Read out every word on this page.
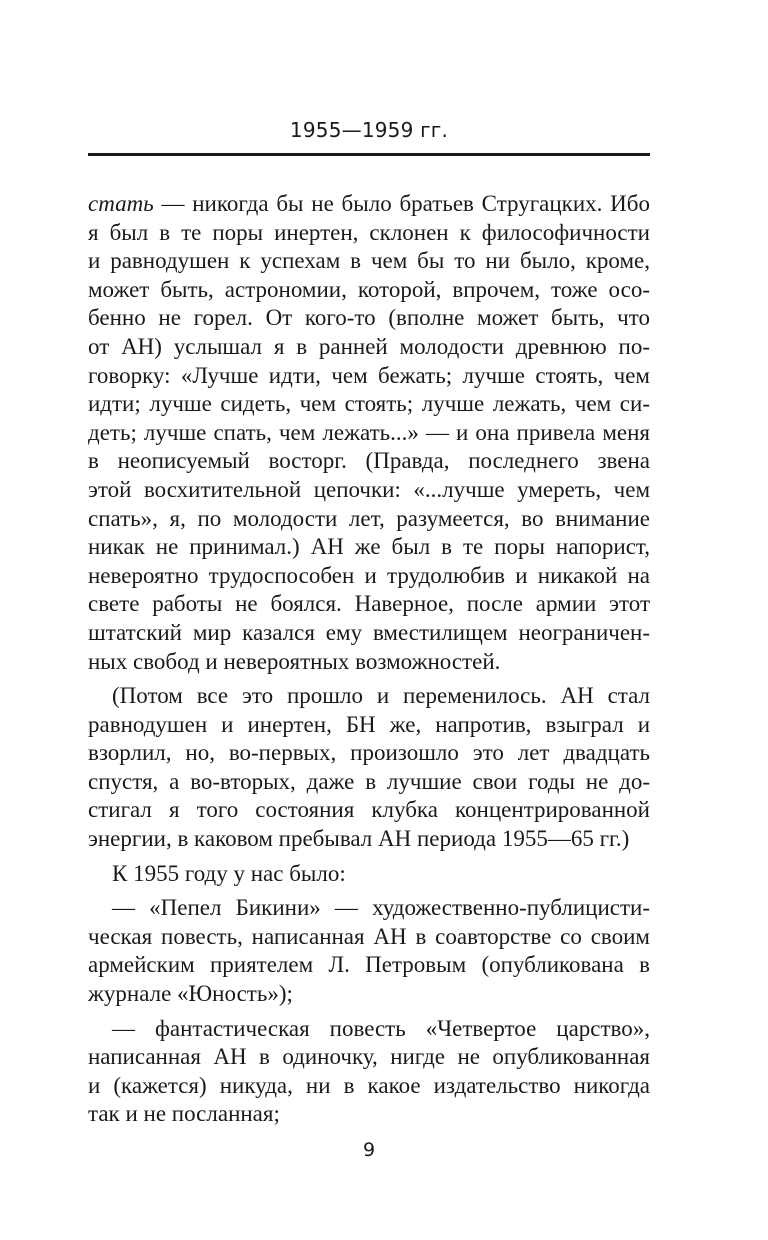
1955—1959 гг.
стать — никогда бы не было братьев Стругацких. Ибо
я был в те поры инертен, склонен к философичности
и равнодушен к успехам в чем бы то ни было, кроме,
может быть, астрономии, которой, впрочем, тоже осо-
бенно не горел. От кого-то (вполне может быть, что
от АН) услышал я в ранней молодости древнюю по-
говорку: «Лучше идти, чем бежать; лучше стоять, чем
идти; лучше сидеть, чем стоять; лучше лежать, чем си-
деть; лучше спать, чем лежать...» — и она привела меня
в неописуемый восторг. (Правда, последнего звена
этой восхитительной цепочки: «...лучше умереть, чем
спать», я, по молодости лет, разумеется, во внимание
никак не принимал.) АН же был в те поры напорист,
невероятно трудоспособен и трудолюбив и никакой на
свете работы не боялся. Наверное, после армии этот
штатский мир казался ему вместилищем неограничен-
ных свобод и невероятных возможностей.
(Потом все это прошло и переменилось. АН стал
равнодушен и инертен, БН же, напротив, взыграл и
взорлил, но, во-первых, произошло это лет двадцать
спустя, а во-вторых, даже в лучшие свои годы не до-
стигал я того состояния клубка концентрированной
энергии, в каковом пребывал АН периода 1955—65 гг.)
К 1955 году у нас было:
— «Пепел Бикини» — художественно-публицисти-
ческая повесть, написанная АН в соавторстве со своим
армейским приятелем Л. Петровым (опубликована в
журнале «Юность»);
— фантастическая повесть «Четвертое царство»,
написанная АН в одиночку, нигде не опубликованная
и (кажется) никуда, ни в какое издательство никогда
так и не посланная;
9
